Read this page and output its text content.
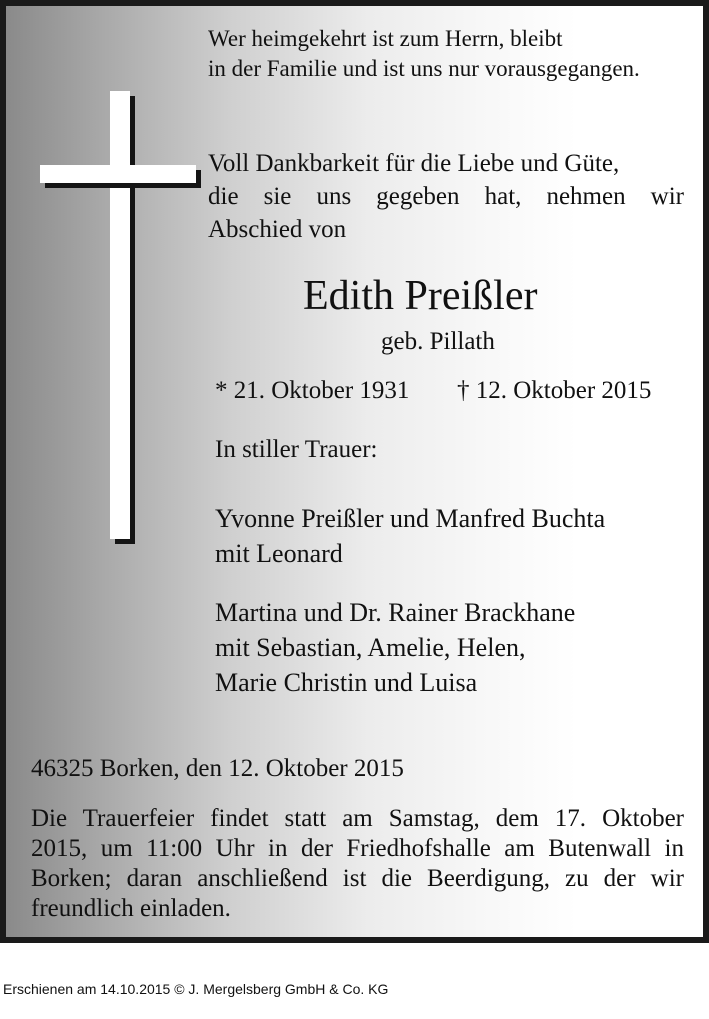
Wer heimgekehrt ist zum Herrn, bleibt

in der Familie und ist uns nur vorausgegangen.

Voll Dankbarkeit für die Liebe und Güte,

die sie uns gegeben hat, nehmen wir

Abschied von

Edith Preißler

geb. Pillath

* 21. Oktober 1931 † 12. Oktober 2015

In stiller Trauer:

Yvonne Preißler und Manfred Buchta

mit Leonard

Martina und Dr. Rainer Brackhane

mit Sebastian, Amelie, Helen,

Marie Christin und Luisa

46325 Borken, den 12. Oktober 2015

Die Trauerfeier findet statt am Samstag, dem 17. Oktober

2015, um 11:00 Uhr in der Friedhofshalle am Butenwall in

Borken; daran anschließend ist die Beerdigung, zu der wir

freundlich einladen.

Erschienen am 14.10.2015 © J. Mergelsberg GmbH & Co. KG
